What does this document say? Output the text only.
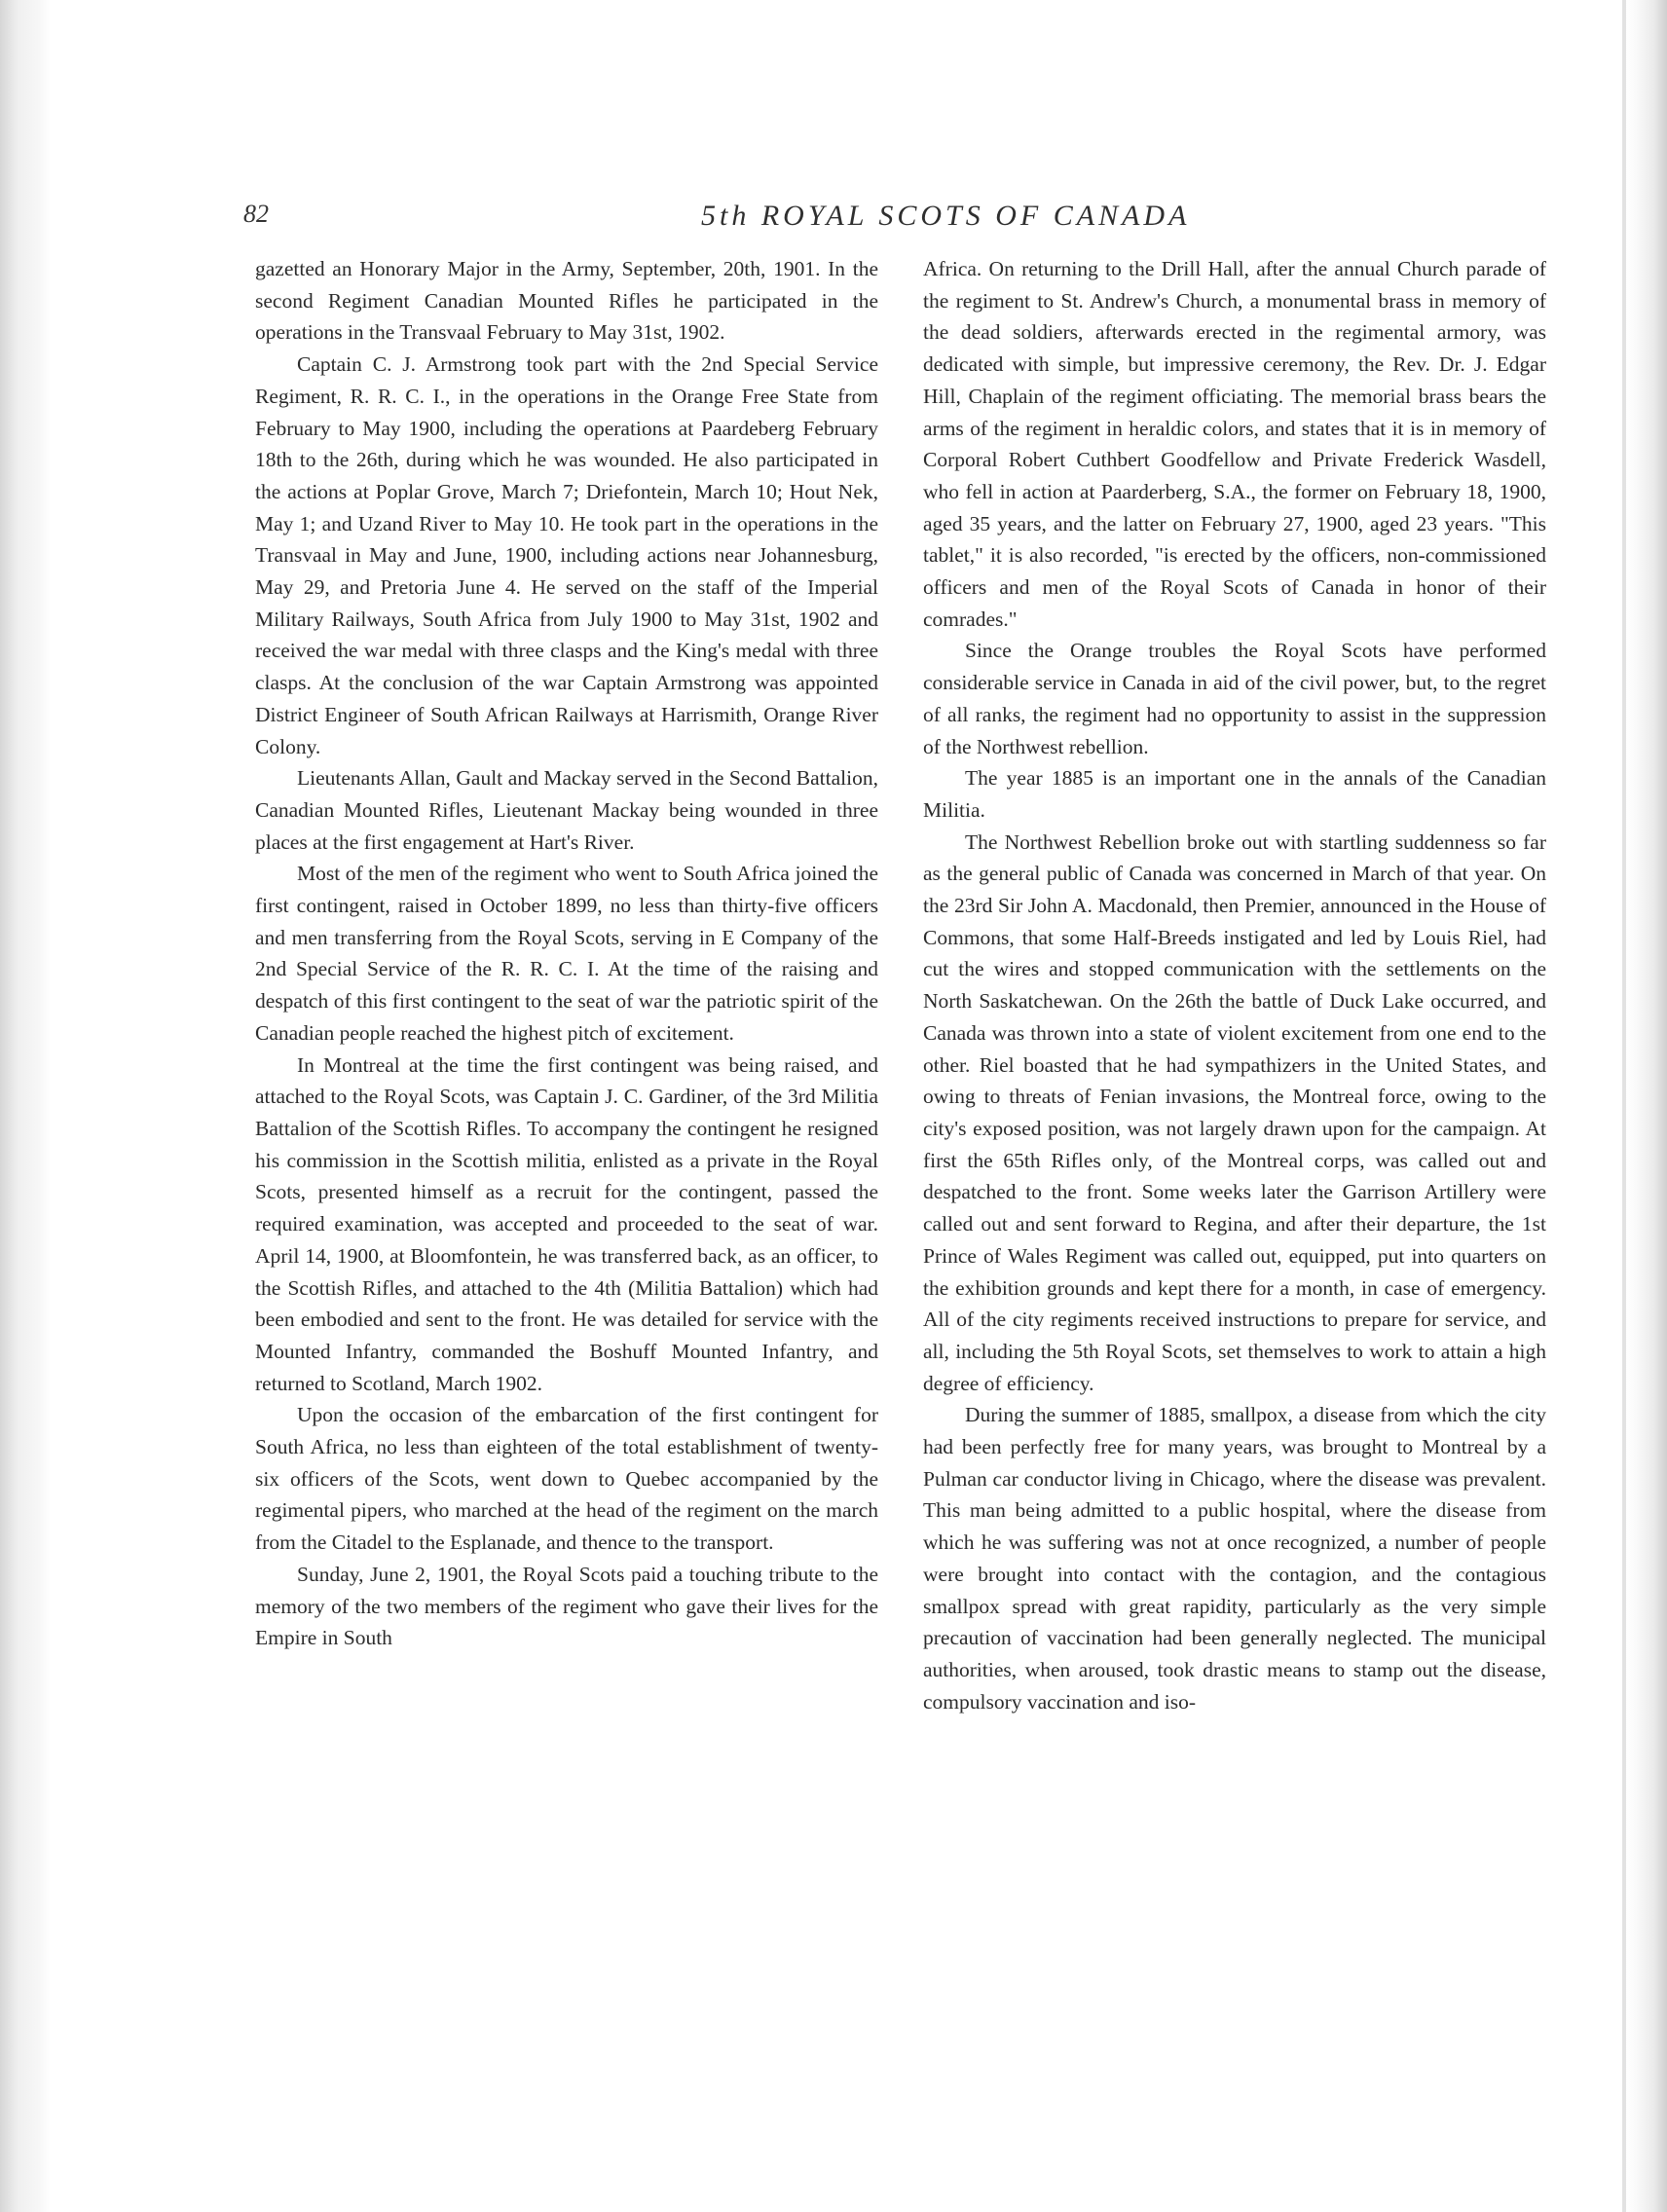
82	5th ROYAL SCOTS OF CANADA

gazetted an Honorary Major in the Army, September, 20th, 1901. In the second Regiment Canadian Mounted Rifles he participated in the operations in the Transvaal February to May 31st, 1902.

Captain C. J. Armstrong took part with the 2nd Special Service Regiment, R. R. C. I., in the operations in the Orange Free State from February to May 1900, including the operations at Paardeberg February 18th to the 26th, during which he was wounded. He also participated in the actions at Poplar Grove, March 7; Driefontein, March 10; Hout Nek, May 1; and Uzand River to May 10. He took part in the operations in the Transvaal in May and June, 1900, including actions near Johannesburg, May 29, and Pretoria June 4. He served on the staff of the Imperial Military Railways, South Africa from July 1900 to May 31st, 1902 and received the war medal with three clasps and the King's medal with three clasps. At the conclusion of the war Captain Armstrong was appointed District Engineer of South African Railways at Harrismith, Orange River Colony.

Lieutenants Allan, Gault and Mackay served in the Second Battalion, Canadian Mounted Rifles, Lieutenant Mackay being wounded in three places at the first engagement at Hart's River.

Most of the men of the regiment who went to South Africa joined the first contingent, raised in October 1899, no less than thirty-five officers and men transferring from the Royal Scots, serving in E Company of the 2nd Special Service of the R. R. C. I. At the time of the raising and despatch of this first contingent to the seat of war the patriotic spirit of the Canadian people reached the highest pitch of excitement.

In Montreal at the time the first contingent was being raised, and attached to the Royal Scots, was Captain J. C. Gardiner, of the 3rd Militia Battalion of the Scottish Rifles. To accompany the contingent he resigned his commission in the Scottish militia, enlisted as a private in the Royal Scots, presented himself as a recruit for the contingent, passed the required examination, was accepted and proceeded to the seat of war. April 14, 1900, at Bloomfontein, he was transferred back, as an officer, to the Scottish Rifles, and attached to the 4th (Militia Battalion) which had been embodied and sent to the front. He was detailed for service with the Mounted Infantry, commanded the Boshuff Mounted Infantry, and returned to Scotland, March 1902.

Upon the occasion of the embarcation of the first contingent for South Africa, no less than eighteen of the total establishment of twenty-six officers of the Scots, went down to Quebec accompanied by the regimental pipers, who marched at the head of the regiment on the march from the Citadel to the Esplanade, and thence to the transport.

Sunday, June 2, 1901, the Royal Scots paid a touching tribute to the memory of the two members of the regiment who gave their lives for the Empire in South

Africa. On returning to the Drill Hall, after the annual Church parade of the regiment to St. Andrew's Church, a monumental brass in memory of the dead soldiers, afterwards erected in the regimental armory, was dedicated with simple, but impressive ceremony, the Rev. Dr. J. Edgar Hill, Chaplain of the regiment officiating. The memorial brass bears the arms of the regiment in heraldic colors, and states that it is in memory of Corporal Robert Cuthbert Goodfellow and Private Frederick Wasdell, who fell in action at Paarderberg, S.A., the former on February 18, 1900, aged 35 years, and the latter on February 27, 1900, aged 23 years. "This tablet," it is also recorded, "is erected by the officers, non-commissioned officers and men of the Royal Scots of Canada in honor of their comrades."

Since the Orange troubles the Royal Scots have performed considerable service in Canada in aid of the civil power, but, to the regret of all ranks, the regiment had no opportunity to assist in the suppression of the Northwest rebellion.

The year 1885 is an important one in the annals of the Canadian Militia.

The Northwest Rebellion broke out with startling suddenness so far as the general public of Canada was concerned in March of that year. On the 23rd Sir John A. Macdonald, then Premier, announced in the House of Commons, that some Half-Breeds instigated and led by Louis Riel, had cut the wires and stopped communication with the settlements on the North Saskatchewan. On the 26th the battle of Duck Lake occurred, and Canada was thrown into a state of violent excitement from one end to the other. Riel boasted that he had sympathizers in the United States, and owing to threats of Fenian invasions, the Montreal force, owing to the city's exposed position, was not largely drawn upon for the campaign. At first the 65th Rifles only, of the Montreal corps, was called out and despatched to the front. Some weeks later the Garrison Artillery were called out and sent forward to Regina, and after their departure, the 1st Prince of Wales Regiment was called out, equipped, put into quarters on the exhibition grounds and kept there for a month, in case of emergency. All of the city regiments received instructions to prepare for service, and all, including the 5th Royal Scots, set themselves to work to attain a high degree of efficiency.

During the summer of 1885, smallpox, a disease from which the city had been perfectly free for many years, was brought to Montreal by a Pulman car conductor living in Chicago, where the disease was prevalent. This man being admitted to a public hospital, where the disease from which he was suffering was not at once recognized, a number of people were brought into contact with the contagion, and the contagious smallpox spread with great rapidity, particularly as the very simple precaution of vaccination had been generally neglected. The municipal authorities, when aroused, took drastic means to stamp out the disease, compulsory vaccination and iso-
